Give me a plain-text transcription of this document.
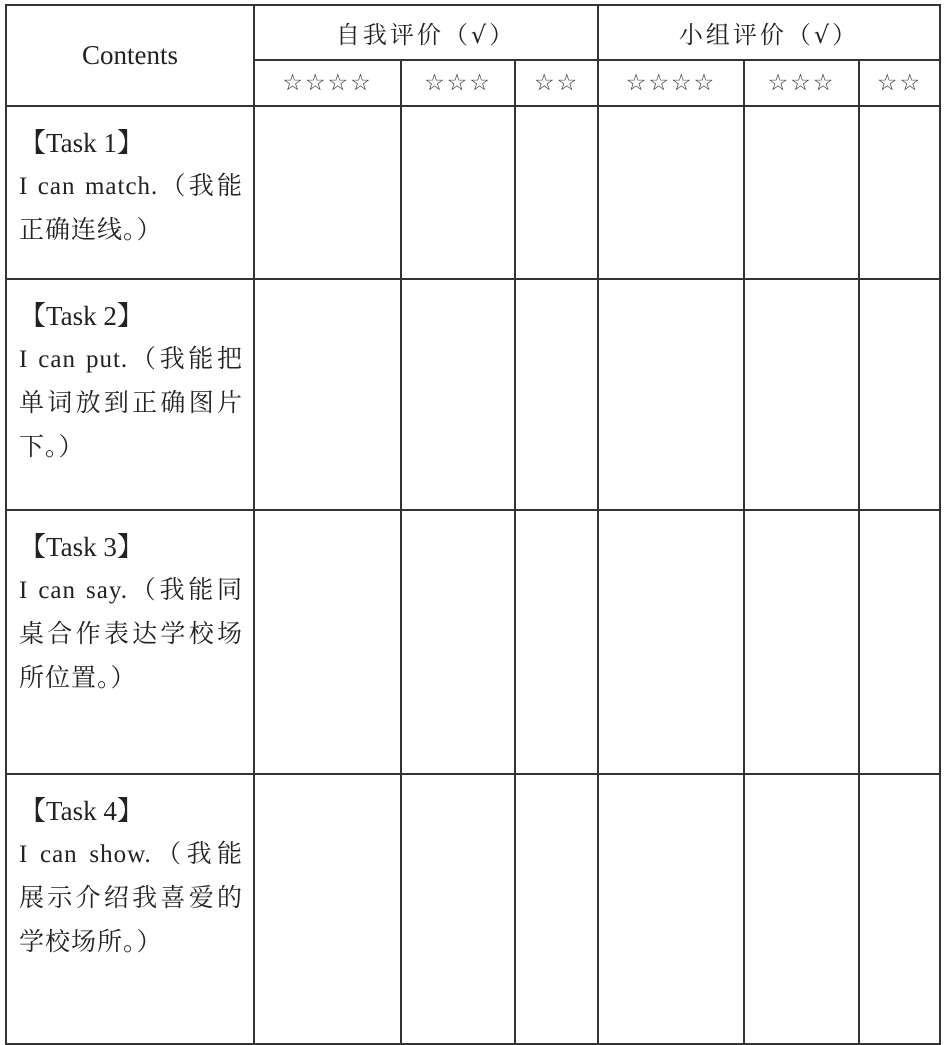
Contents	自我评价（√）			小组评价（√）		
	☆☆☆☆	☆☆☆	☆☆	☆☆☆☆	☆☆☆	☆☆

【Task 1】
I can match.（我能正确连线。）						

【Task 2】
I can put.（我能把单词放到正确图片下。）						

【Task 3】
I can say.（我能同桌合作表达学校场所位置。）						

【Task 4】
I can show.（我能展示介绍我喜爱的学校场所。）						
